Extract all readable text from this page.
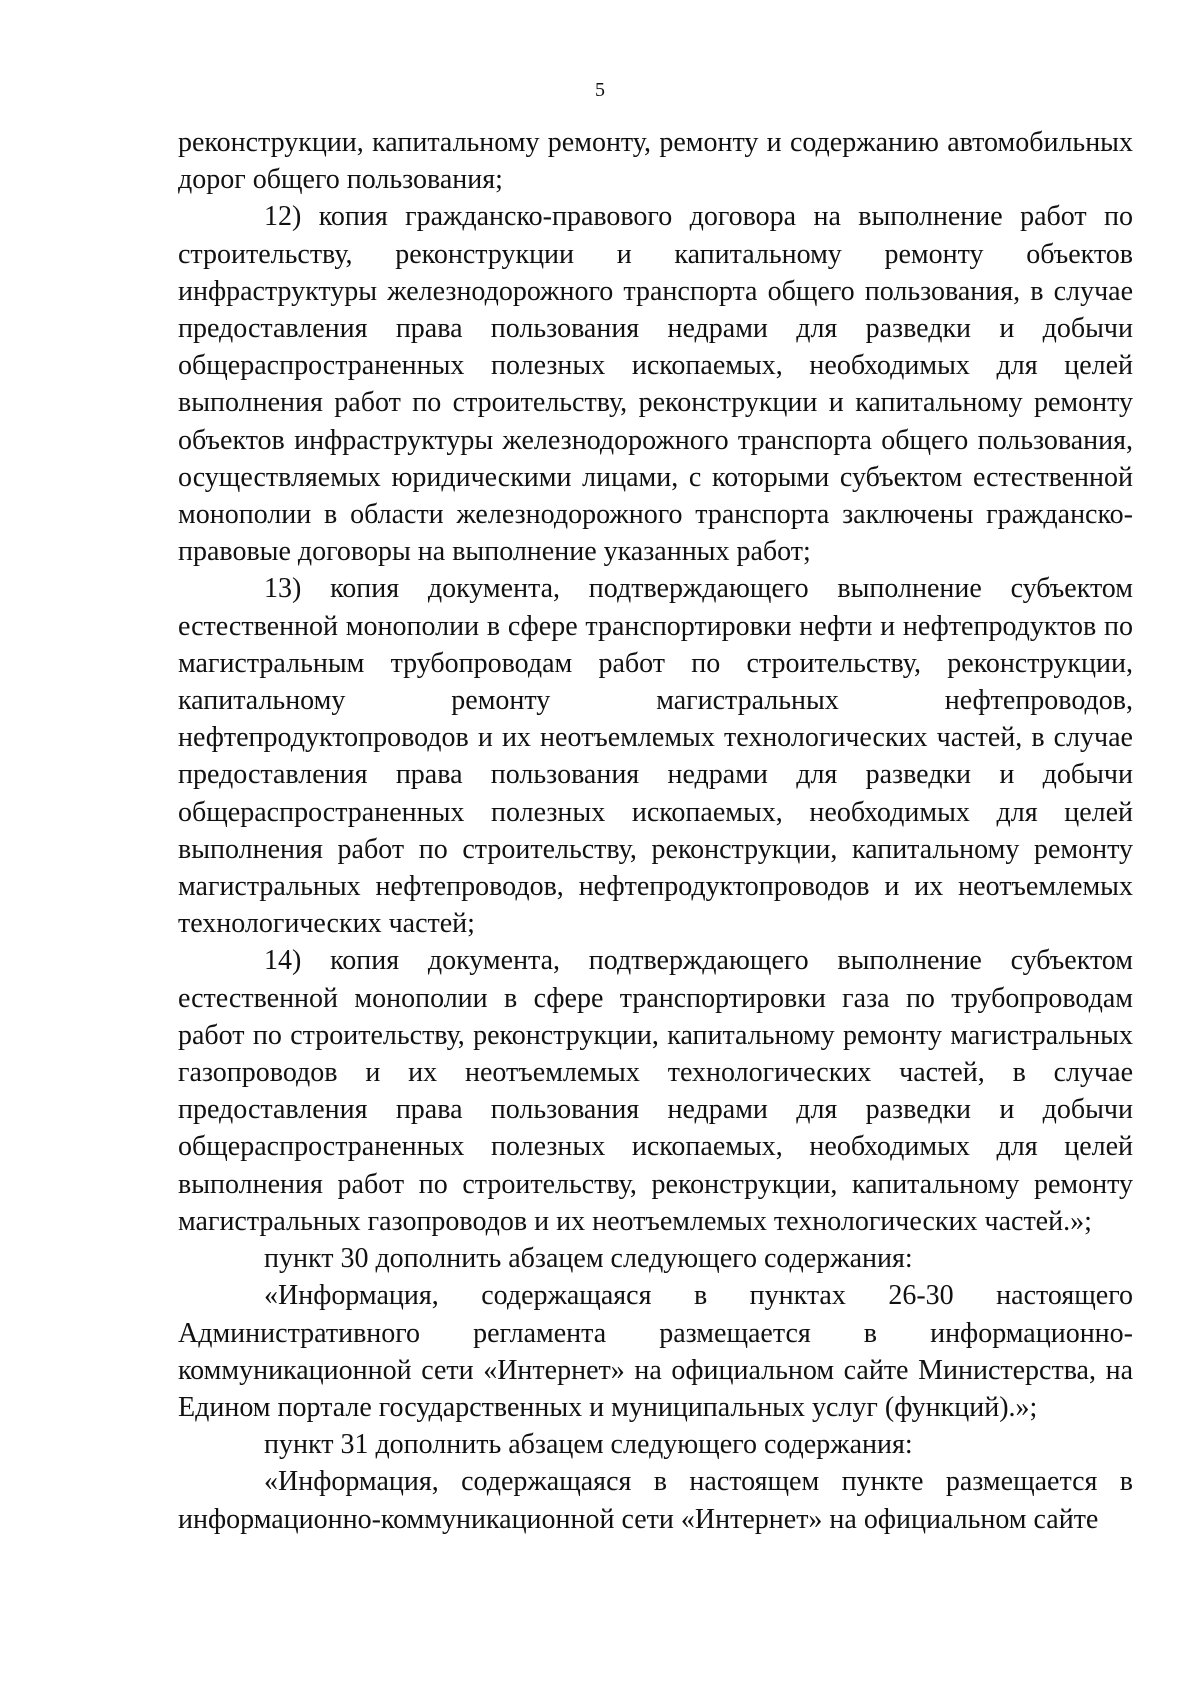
5

реконструкции, капитальному ремонту, ремонту и содержанию автомобильных дорог общего пользования;

12) копия гражданско-правового договора на выполнение работ по строительству, реконструкции и капитальному ремонту объектов инфраструктуры железнодорожного транспорта общего пользования, в случае предоставления права пользования недрами для разведки и добычи общераспространенных полезных ископаемых, необходимых для целей выполнения работ по строительству, реконструкции и капитальному ремонту объектов инфраструктуры железнодорожного транспорта общего пользования, осуществляемых юридическими лицами, с которыми субъектом естественной монополии в области железнодорожного транспорта заключены гражданско-правовые договоры на выполнение указанных работ;

13) копия документа, подтверждающего выполнение субъектом естественной монополии в сфере транспортировки нефти и нефтепродуктов по магистральным трубопроводам работ по строительству, реконструкции, капитальному ремонту магистральных нефтепроводов, нефтепродуктопроводов и их неотъемлемых технологических частей, в случае предоставления права пользования недрами для разведки и добычи общераспространенных полезных ископаемых, необходимых для целей выполнения работ по строительству, реконструкции, капитальному ремонту магистральных нефтепроводов, нефтепродуктопроводов и их неотъемлемых технологических частей;

14) копия документа, подтверждающего выполнение субъектом естественной монополии в сфере транспортировки газа по трубопроводам работ по строительству, реконструкции, капитальному ремонту магистральных газопроводов и их неотъемлемых технологических частей, в случае предоставления права пользования недрами для разведки и добычи общераспространенных полезных ископаемых, необходимых для целей выполнения работ по строительству, реконструкции, капитальному ремонту магистральных газопроводов и их неотъемлемых технологических частей.»;

пункт 30 дополнить абзацем следующего содержания:

«Информация, содержащаяся в пунктах 26-30 настоящего Административного регламента размещается в информационно-коммуникационной сети «Интернет» на официальном сайте Министерства, на Едином портале государственных и муниципальных услуг (функций).»;

пункт 31 дополнить абзацем следующего содержания:

«Информация, содержащаяся в настоящем пункте размещается в информационно-коммуникационной сети «Интернет» на официальном сайте
